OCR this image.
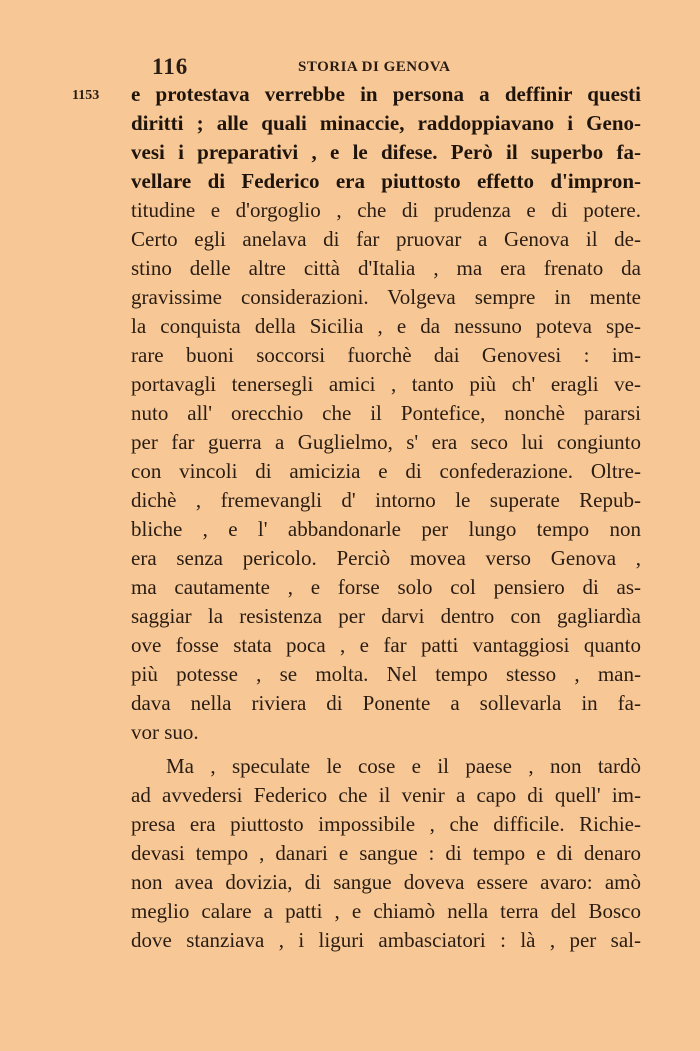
116	STORIA DI GENOVA
1153 e protestava verrebbe in persona a deffinir questi
diritti ; alle quali minaccie, raddoppiavano i Geno-
vesi i preparativi , e le difese. Però il superbo fa-
vellare di Federico era piuttosto effetto d'impron-
titudine e d'orgoglio , che di prudenza e di potere.
Certo egli anelava di far pruovar a Genova il de-
stino delle altre città d'Italia , ma era frenato da
gravissime considerazioni. Volgeva sempre in mente
la conquista della Sicilia , e da nessuno poteva spe-
rare buoni soccorsi fuorchè dai Genovesi : im-
portavagli tenersegli amici , tanto più ch' eragli ve-
nuto all' orecchio che il Pontefice, nonchè pararsi
per far guerra a Guglielmo, s' era seco lui congiunto
con vincoli di amicizia e di confederazione. Oltre-
dichè , fremevangli d' intorno le superate Repub-
bliche , e l' abbandonarle per lungo tempo non
era senza pericolo. Perciò movea verso Genova ,
ma cautamente , e forse solo col pensiero di as-
saggiar la resistenza per darvi dentro con gagliardìa
ove fosse stata poca , e far patti vantaggiosi quanto
più potesse , se molta. Nel tempo stesso , man-
dava nella riviera di Ponente a sollevarla in fa-
vor suo.
Ma , speculate le cose e il paese , non tardò
ad avvedersi Federico che il venir a capo di quell' im-
presa era piuttosto impossibile , che difficile. Richie-
devasi tempo , danari e sangue : di tempo e di denaro
non avea dovizia, di sangue doveva essere avaro: amò
meglio calare a patti , e chiamò nella terra del Bosco
dove stanziava , i liguri ambasciatori : là , per sal-
